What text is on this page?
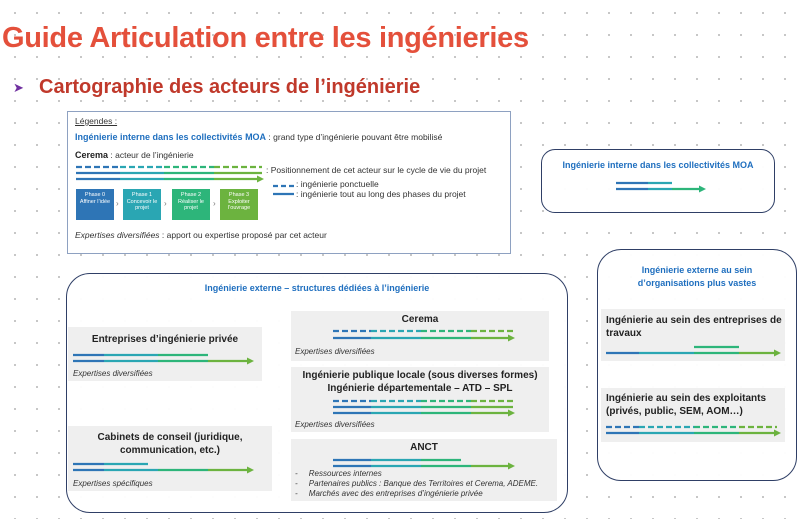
Guide Articulation entre les ingénieries
➤ Cartographie des acteurs de l’ingénierie
Légendes :
Ingénierie interne dans les collectivités MOA : grand type d’ingénierie pouvant être mobilisé
Cerema : acteur de l’ingénierie
: Positionnement de cet acteur sur le cycle de vie du projet
: ingénierie ponctuelle
: ingénierie tout au long des phases du projet
Phase 0
Affiner l’idée ›
Phase 1
Concevoir le projet	›
Phase 2
Réaliser le projet	›
Phase 3
Exploiter l’ouvrage
Expertises diversifiées : apport ou expertise proposé par cet acteur
Ingénierie interne dans les collectivités MOA
Ingénierie externe – structures dédiées à l’ingénierie
Entreprises d’ingénierie privée
Expertises diversifiées
Cabinets de conseil (juridique,
communication, etc.)
Expertises spécifiques
Cerema
Expertises diversifiées
Ingénierie publique locale (sous diverses formes)
Ingénierie départementale – ATD – SPL
Expertises diversifiées
ANCT
-     Ressources internes
-     Partenaires publics : Banque des Territoires et Cerema, ADEME.
-     Marchés avec des entreprises d’ingénierie privée
Ingénierie externe au sein
d’organisations plus vastes
Ingénierie au sein des entreprises de
travaux
Ingénierie au sein des exploitants
(privés, public, SEM, AOM…)
